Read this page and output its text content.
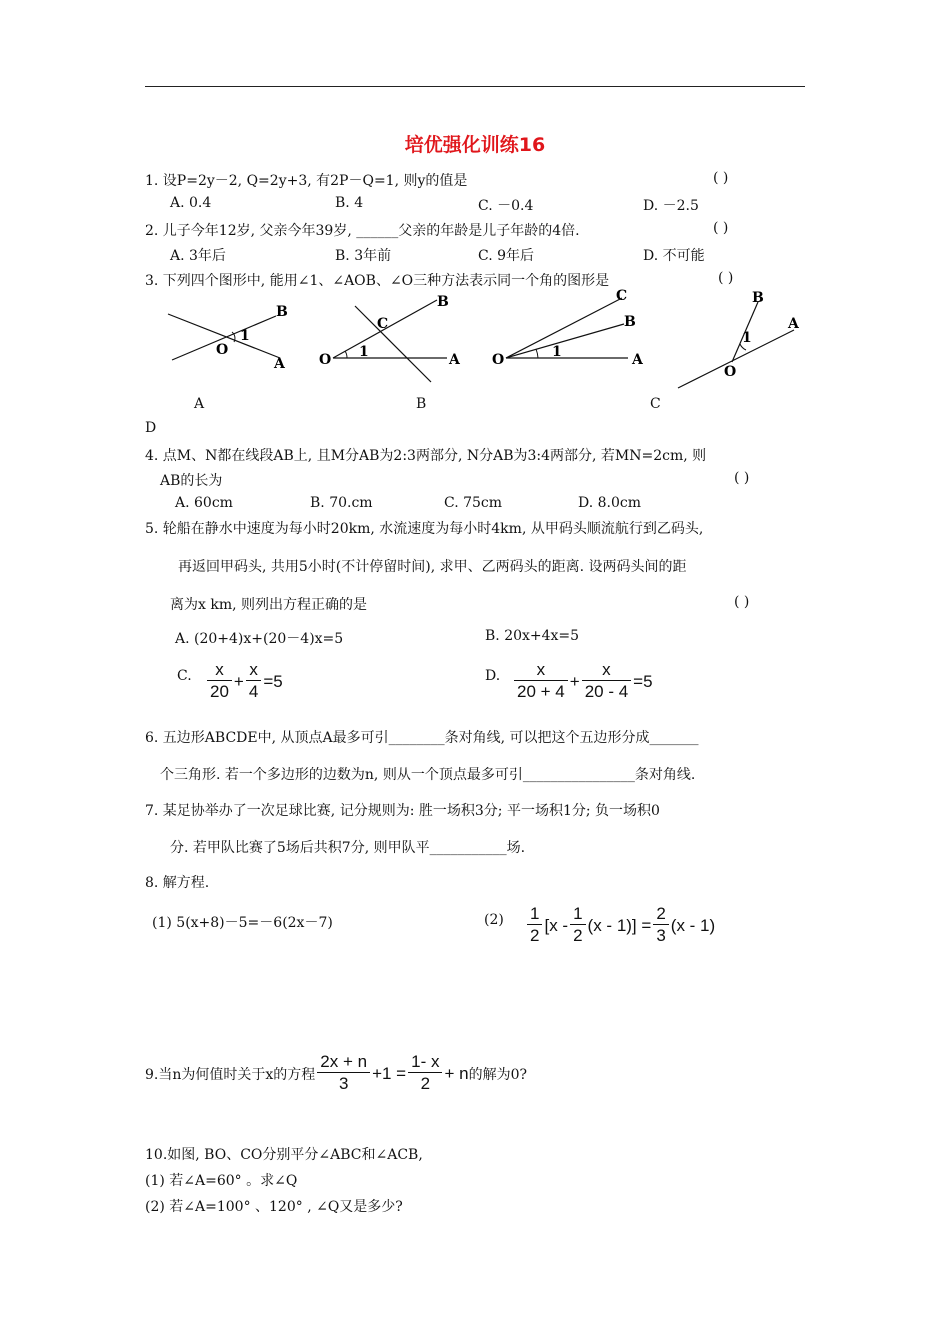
培优强化训练16
1. 设P=2y－2, Q=2y+3, 有2P－Q=1, 则y的值是	( )
A. 0.4	B. 4	C. －0.4	D. －2.5
2. 儿子今年12岁, 父亲今年39岁, ______父亲的年龄是儿子年龄的4倍.	( )
A. 3年后	B. 3年前	C. 9年后	D. 不可能
3. 下列四个图形中, 能用∠1、∠AOB、∠O三种方法表示同一个角的图形是	( )
B
A
O
1
B
C
O	A
1
C
B
O	A
1
B
A
O
1
A	B	C
D
4. 点M、N都在线段AB上, 且M分AB为2:3两部分, N分AB为3:4两部分, 若MN=2cm, 则
AB的长为	( )
A. 60cm	B. 70.cm	C. 75cm	D. 8.0cm
5. 轮船在静水中速度为每小时20km, 水流速度为每小时4km, 从甲码头顺流航行到乙码头,
再返回甲码头, 共用5小时(不计停留时间), 求甲、乙两码头的距离. 设两码头间的距
离为x km, 则列出方程正确的是	( )
A. (20+4)x+(20－4)x=5	B. 20x+4x=5
C. $\frac{x}{20} + \frac{x}{4} =5$	D. $\frac{x}{20 + 4} + \frac{x}{20 - 4} =5$
6. 五边形ABCDE中, 从顶点A最多可引________条对角线, 可以把这个五边形分成_______
个三角形. 若一个多边形的边数为n, 则从一个顶点最多可引________________条对角线.
7. 某足协举办了一次足球比赛, 记分规则为: 胜一场积3分; 平一场积1分; 负一场积0
分. 若甲队比赛了5场后共积7分, 则甲队平___________场.
8. 解方程.
(1) 5(x+8)－5=－6(2x－7)	$(2) \frac{1}{2} [x - \frac{1}{2} (x - 1)] = \frac{2}{3} (x - 1)$
9.当n为何值时关于x的方程 $\frac{2x + n}{3} +1 = \frac{1- x}{2} + n$ 的解为0?
10.如图, BO、CO分别平分∠ABC和∠ACB,
(1) 若∠A=60° 。求∠Q
(2) 若∠A=100° 、120° , ∠Q又是多少?
